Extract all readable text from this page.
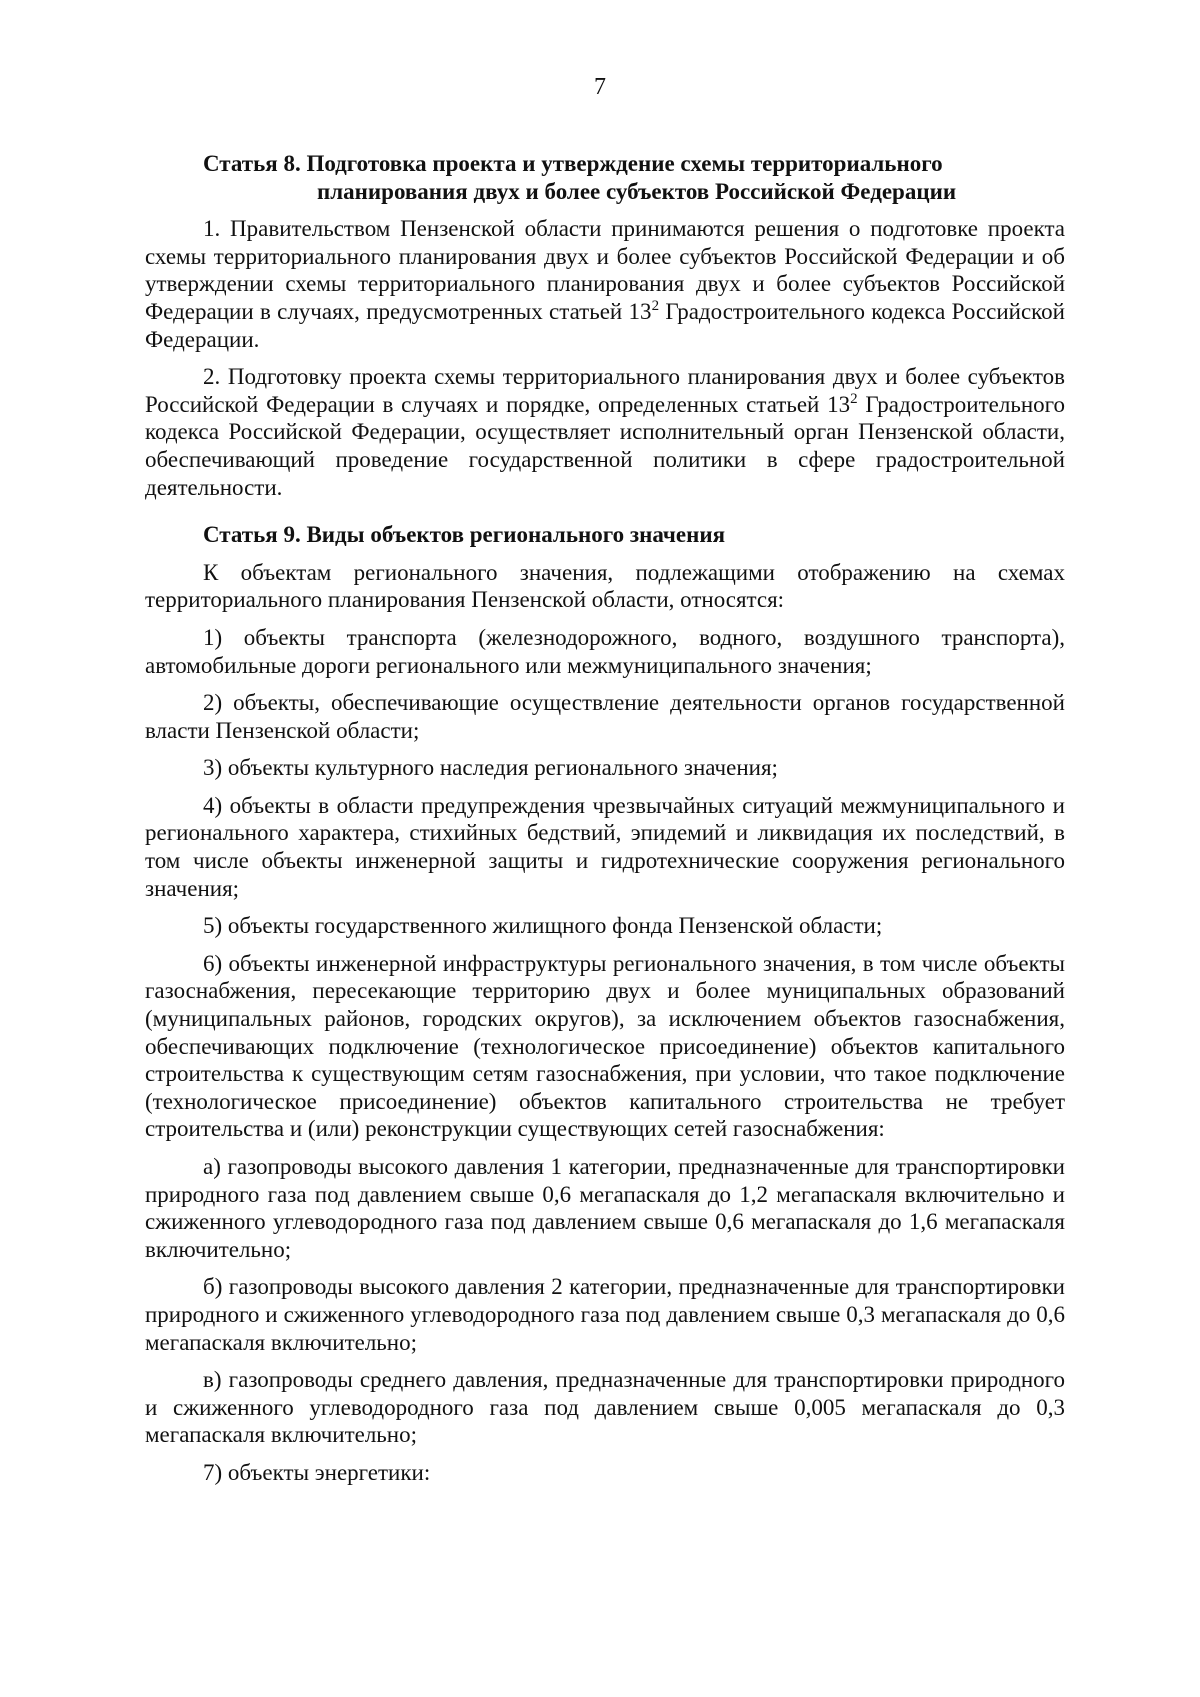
7
Статья 8. Подготовка проекта и утверждение схемы территориального
планирования двух и более субъектов Российской Федерации

1. Правительством Пензенской области принимаются решения о подготовке проекта схемы территориального планирования двух и более субъектов Российской Федерации и об утверждении схемы территориального планирования двух и более субъектов Российской Федерации в случаях, предусмотренных статьей $13^2$ Градостроительного кодекса Российской Федерации.

2. Подготовку проекта схемы территориального планирования двух и более субъектов Российской Федерации в случаях и порядке, определенных статьей $13^2$ Градостроительного кодекса Российской Федерации, осуществляет исполнительный орган Пензенской области, обеспечивающий проведение государственной политики в сфере градостроительной деятельности.

Статья 9. Виды объектов регионального значения

К объектам регионального значения, подлежащими отображению на схемах территориального планирования Пензенской области, относятся:

1) объекты транспорта (железнодорожного, водного, воздушного транспорта), автомобильные дороги регионального или межмуниципального значения;

2) объекты, обеспечивающие осуществление деятельности органов государственной власти Пензенской области;

3) объекты культурного наследия регионального значения;

4) объекты в области предупреждения чрезвычайных ситуаций межмуниципального и регионального характера, стихийных бедствий, эпидемий и ликвидация их последствий, в том числе объекты инженерной защиты и гидротехнические сооружения регионального значения;

5) объекты государственного жилищного фонда Пензенской области;

6) объекты инженерной инфраструктуры регионального значения, в том числе объекты газоснабжения, пересекающие территорию двух и более муниципальных образований (муниципальных районов, городских округов), за исключением объектов газоснабжения, обеспечивающих подключение (технологическое присоединение) объектов капитального строительства к существующим сетям газоснабжения, при условии, что такое подключение (технологическое присоединение) объектов капитального строительства не требует строительства и (или) реконструкции существующих сетей газоснабжения:

а) газопроводы высокого давления 1 категории, предназначенные для транспортировки природного газа под давлением свыше 0,6 мегапаскаля до 1,2 мегапаскаля включительно и сжиженного углеводородного газа под давлением свыше 0,6 мегапаскаля до 1,6 мегапаскаля включительно;

б) газопроводы высокого давления 2 категории, предназначенные для транспортировки природного и сжиженного углеводородного газа под давлением свыше 0,3 мегапаскаля до 0,6 мегапаскаля включительно;

в) газопроводы среднего давления, предназначенные для транспортировки природного и сжиженного углеводородного газа под давлением свыше 0,005 мегапаскаля до 0,3 мегапаскаля включительно;

7) объекты энергетики:
